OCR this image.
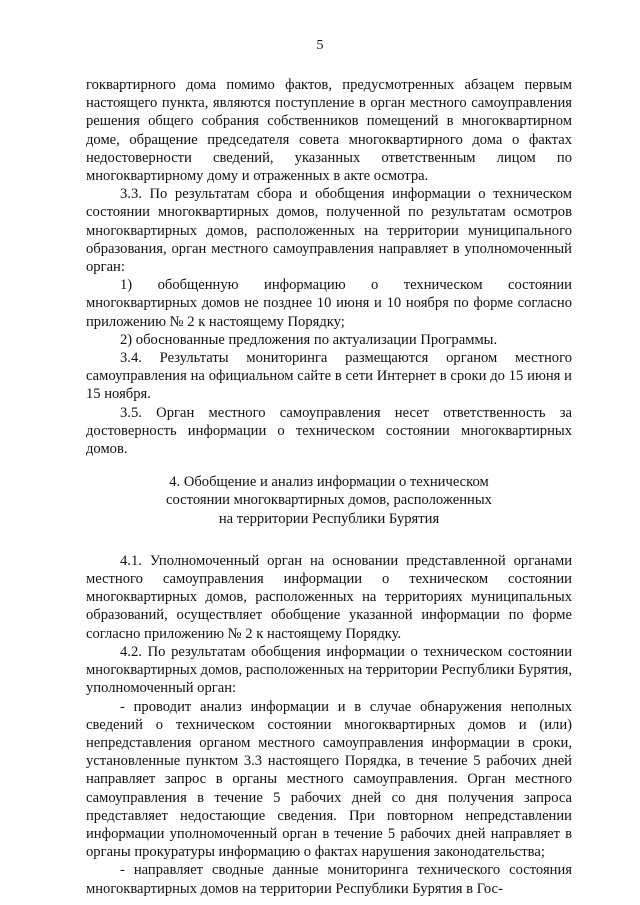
5

гоквартирного дома помимо фактов, предусмотренных абзацем первым настоящего пункта, являются поступление в орган местного самоуправления решения общего собрания собственников помещений в многоквартирном доме, обращение председателя совета многоквартирного дома о фактах недостоверности сведений, указанных ответственным лицом по многоквартирному дому и отраженных в акте осмотра.

3.3. По результатам сбора и обобщения информации о техническом состоянии многоквартирных домов, полученной по результатам осмотров многоквартирных домов, расположенных на территории муниципального образования, орган местного самоуправления направляет в уполномоченный орган:

1) обобщенную информацию о техническом состоянии многоквартирных домов не позднее 10 июня и 10 ноября по форме согласно приложению № 2 к настоящему Порядку;

2) обоснованные предложения по актуализации Программы.

3.4. Результаты мониторинга размещаются органом местного самоуправления на официальном сайте в сети Интернет в сроки до 15 июня и 15 ноября.

3.5. Орган местного самоуправления несет ответственность за достоверность информации о техническом состоянии многоквартирных домов.

4. Обобщение и анализ информации о техническом
состоянии многоквартирных домов, расположенных
на территории Республики Бурятия

4.1. Уполномоченный орган на основании представленной органами местного самоуправления информации о техническом состоянии многоквартирных домов, расположенных на территориях муниципальных образований, осуществляет обобщение указанной информации по форме согласно приложению № 2 к настоящему Порядку.

4.2. По результатам обобщения информации о техническом состоянии многоквартирных домов, расположенных на территории Республики Бурятия, уполномоченный орган:

- проводит анализ информации и в случае обнаружения неполных сведений о техническом состоянии многоквартирных домов и (или) непредставления органом местного самоуправления информации в сроки, установленные пунктом 3.3 настоящего Порядка, в течение 5 рабочих дней направляет запрос в органы местного самоуправления. Орган местного самоуправления в течение 5 рабочих дней со дня получения запроса представляет недостающие сведения. При повторном непредставлении информации уполномоченный орган в течение 5 рабочих дней направляет в органы прокуратуры информацию о фактах нарушения законодательства;

- направляет сводные данные мониторинга технического состояния многоквартирных домов на территории Республики Бурятия в Гос-
